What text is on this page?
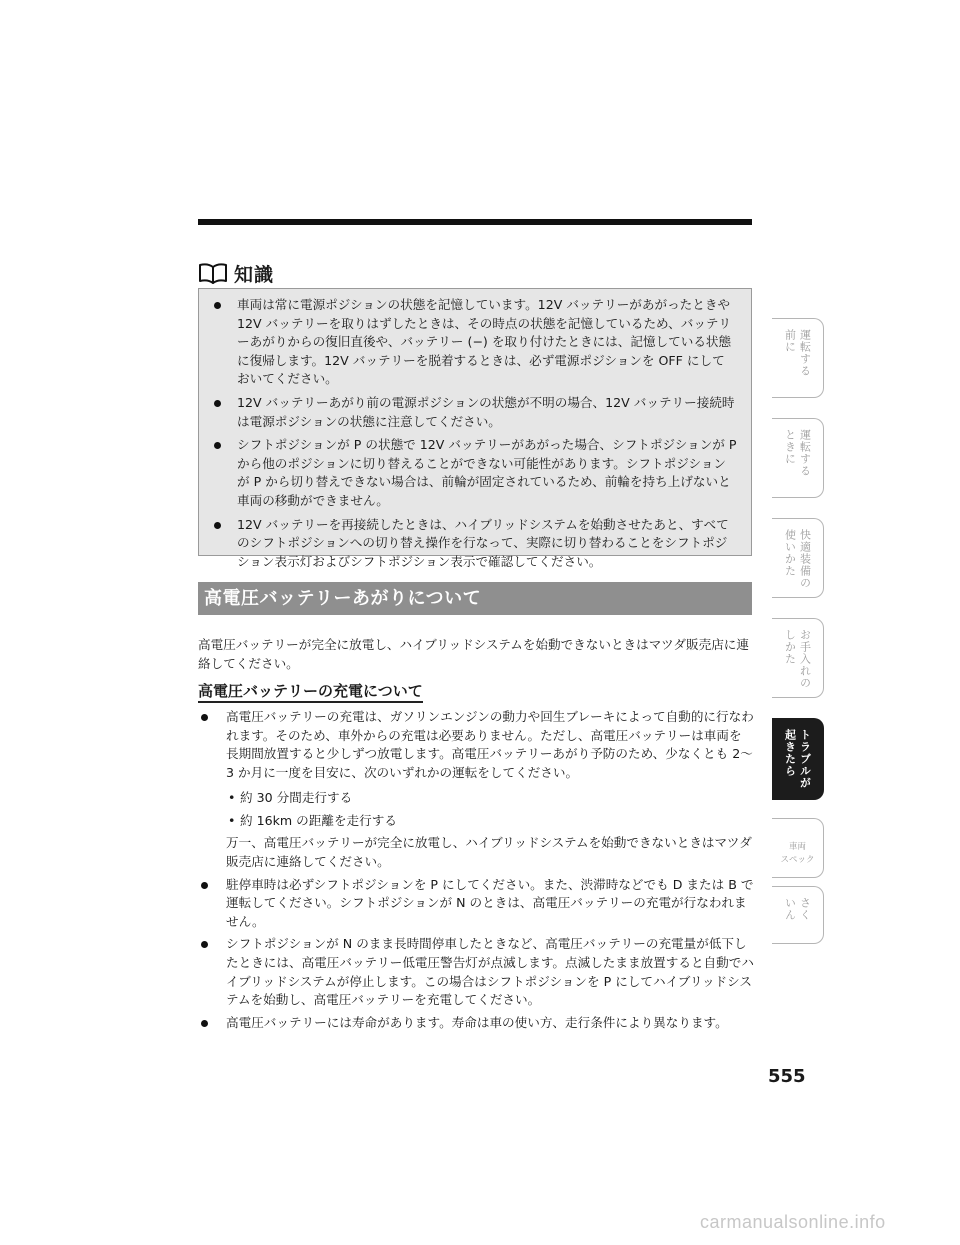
知識
車両は常に電源ポジションの状態を記憶しています。12V バッテリーがあがったときや 12V バッテリーを取りはずしたときは、その時点の状態を記憶しているため、バッテリーあがりからの復旧直後や、バッテリー (−) を取り付けたときには、記憶している状態に復帰します。12V バッテリーを脱着するときは、必ず電源ポジションを OFF にしておいてください。
12V バッテリーあがり前の電源ポジションの状態が不明の場合、12V バッテリー接続時は電源ポジションの状態に注意してください。
シフトポジションが P の状態で 12V バッテリーがあがった場合、シフトポジションが P から他のポジションに切り替えることができない可能性があります。シフトポジションが P から切り替えできない場合は、前輪が固定されているため、前輪を持ち上げないと車両の移動ができません。
12V バッテリーを再接続したときは、ハイブリッドシステムを始動させたあと、すべてのシフトポジションへの切り替え操作を行なって、実際に切り替わることをシフトポジション表示灯およびシフトポジション表示で確認してください。
高電圧バッテリーあがりについて

高電圧バッテリーが完全に放電し、ハイブリッドシステムを始動できないときはマツダ販売店に連絡してください。

高電圧バッテリーの充電について
高電圧バッテリーの充電は、ガソリンエンジンの動力や回生ブレーキによって自動的に行なわれます。そのため、車外からの充電は必要ありません。ただし、高電圧バッテリーは車両を長期間放置すると少しずつ放電します。高電圧バッテリーあがり予防のため、少なくとも 2〜3 か月に一度を目安に、次のいずれかの運転をしてください。
• 約 30 分間走行する
• 約 16km の距離を走行する
万一、高電圧バッテリーが完全に放電し、ハイブリッドシステムを始動できないときはマツダ販売店に連絡してください。
駐停車時は必ずシフトポジションを P にしてください。また、渋滞時などでも D または B で運転してください。シフトポジションが N のときは、高電圧バッテリーの充電が行なわれません。
シフトポジションが N のまま長時間停車したときなど、高電圧バッテリーの充電量が低下したときには、高電圧バッテリー低電圧警告灯が点滅します。点滅したまま放置すると自動でハイブリッドシステムが停止します。この場合はシフトポジションを P にしてハイブリッドシステムを始動し、高電圧バッテリーを充電してください。
高電圧バッテリーには寿命があります。寿命は車の使い方、走行条件により異なります。
555
運転する
前に
運転する
ときに
快適装備の
使いかた
お手入れの
しかた
トラブルが
起きたら
車両
スペック
さく
いん
carmanualsonline.info
